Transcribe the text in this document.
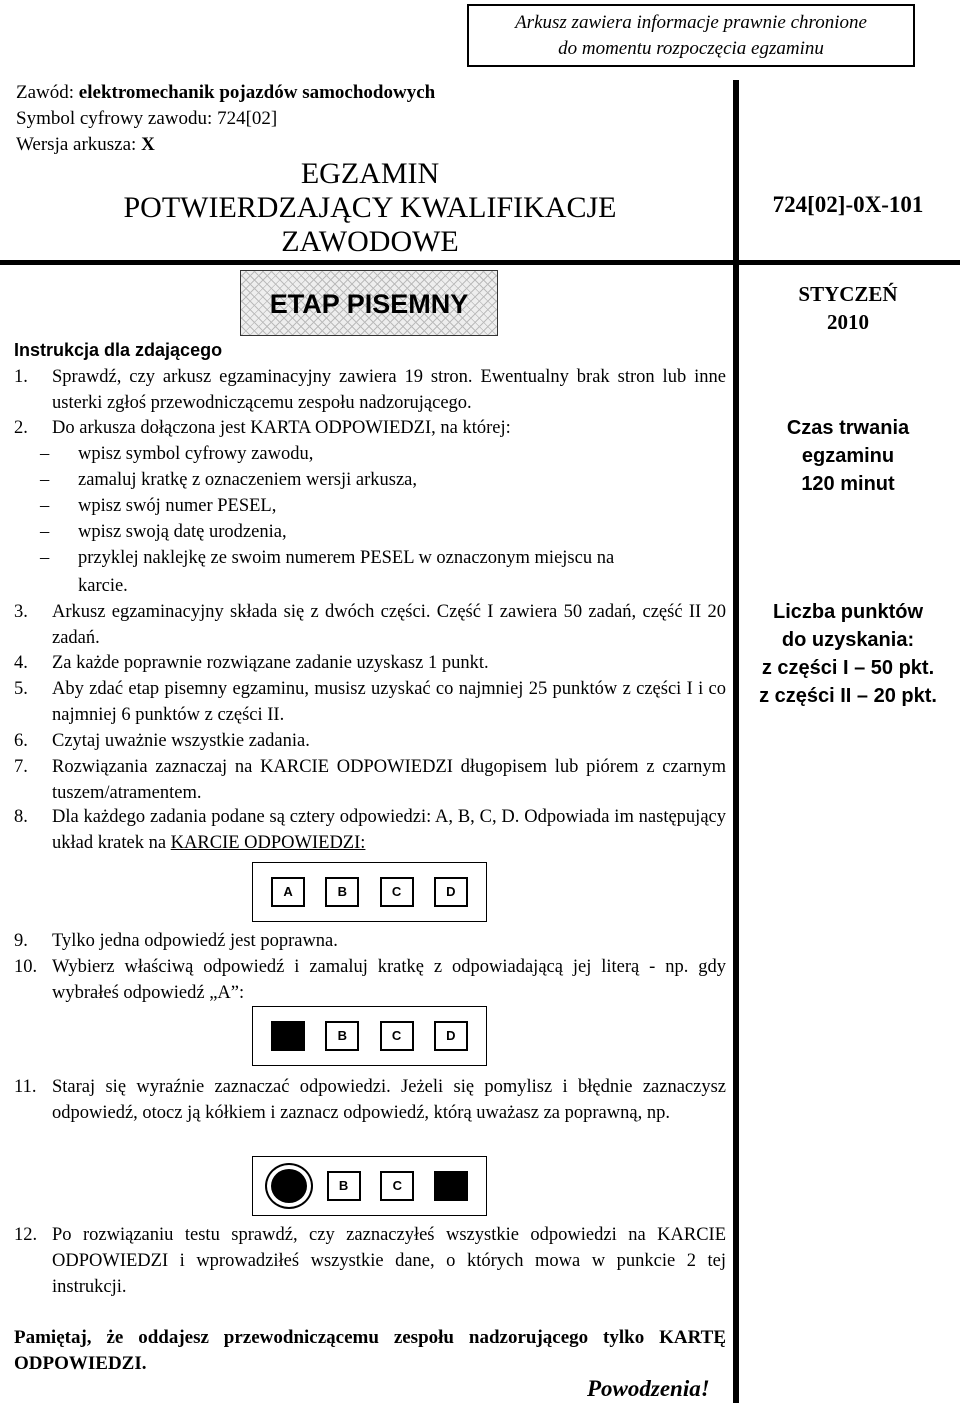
Arkusz zawiera informacje prawnie chronione
do momentu rozpoczęcia egzaminu
Zawód: elektromechanik pojazdów samochodowych
Symbol cyfrowy zawodu: 724[02]
Wersja arkusza: X
EGZAMIN
POTWIERDZAJĄCY KWALIFIKACJE
ZAWODOWE
724[02]-0X-101
ETAP PISEMNY
Instrukcja dla zdającego
STYCZEŃ
2010
Czas trwania
egzaminu
120 minut
Liczba punktów
do uzyskania:
z części I – 50 pkt.
z części II – 20 pkt.
1. Sprawdź, czy arkusz egzaminacyjny zawiera 19 stron. Ewentualny brak stron lub inne usterki zgłoś przewodniczącemu zespołu nadzorującego.
2. Do arkusza dołączona jest KARTA ODPOWIEDZI, na której:
– wpisz symbol cyfrowy zawodu,
– zamaluj kratkę z oznaczeniem wersji arkusza,
– wpisz swój numer PESEL,
– wpisz swoją datę urodzenia,
– przyklej naklejkę ze swoim numerem PESEL w oznaczonym miejscu na
karcie.
3. Arkusz egzaminacyjny składa się z dwóch części. Część I zawiera 50 zadań, część II 20 zadań.
4. Za każde poprawnie rozwiązane zadanie uzyskasz 1 punkt.
5. Aby zdać etap pisemny egzaminu, musisz uzyskać co najmniej 25 punktów z części I i co najmniej 6 punktów z części II.
6. Czytaj uważnie wszystkie zadania.
7. Rozwiązania zaznaczaj na KARCIE ODPOWIEDZI długopisem lub piórem z czarnym tuszem/atramentem.
8. Dla każdego zadania podane są cztery odpowiedzi: A, B, C, D. Odpowiada im następujący układ kratek na KARCIE ODPOWIEDZI:
A	B	C	D
9. Tylko jedna odpowiedź jest poprawna.
10. Wybierz właściwą odpowiedź i zamaluj kratkę z odpowiadającą jej literą - np. gdy wybrałeś odpowiedź „A”:
A	B	C	D
11. Staraj się wyraźnie zaznaczać odpowiedzi. Jeżeli się pomylisz i błędnie zaznaczysz odpowiedź, otocz ją kółkiem i zaznacz odpowiedź, którą uważasz za poprawną, np.
A	B	C	D
12. Po rozwiązaniu testu sprawdź, czy zaznaczyłeś wszystkie odpowiedzi na KARCIE ODPOWIEDZI i wprowadziłeś wszystkie dane, o których mowa w punkcie 2 tej instrukcji.
Pamiętaj, że oddajesz przewodniczącemu zespołu nadzorującego tylko KARTĘ ODPOWIEDZI.
Powodzenia!
